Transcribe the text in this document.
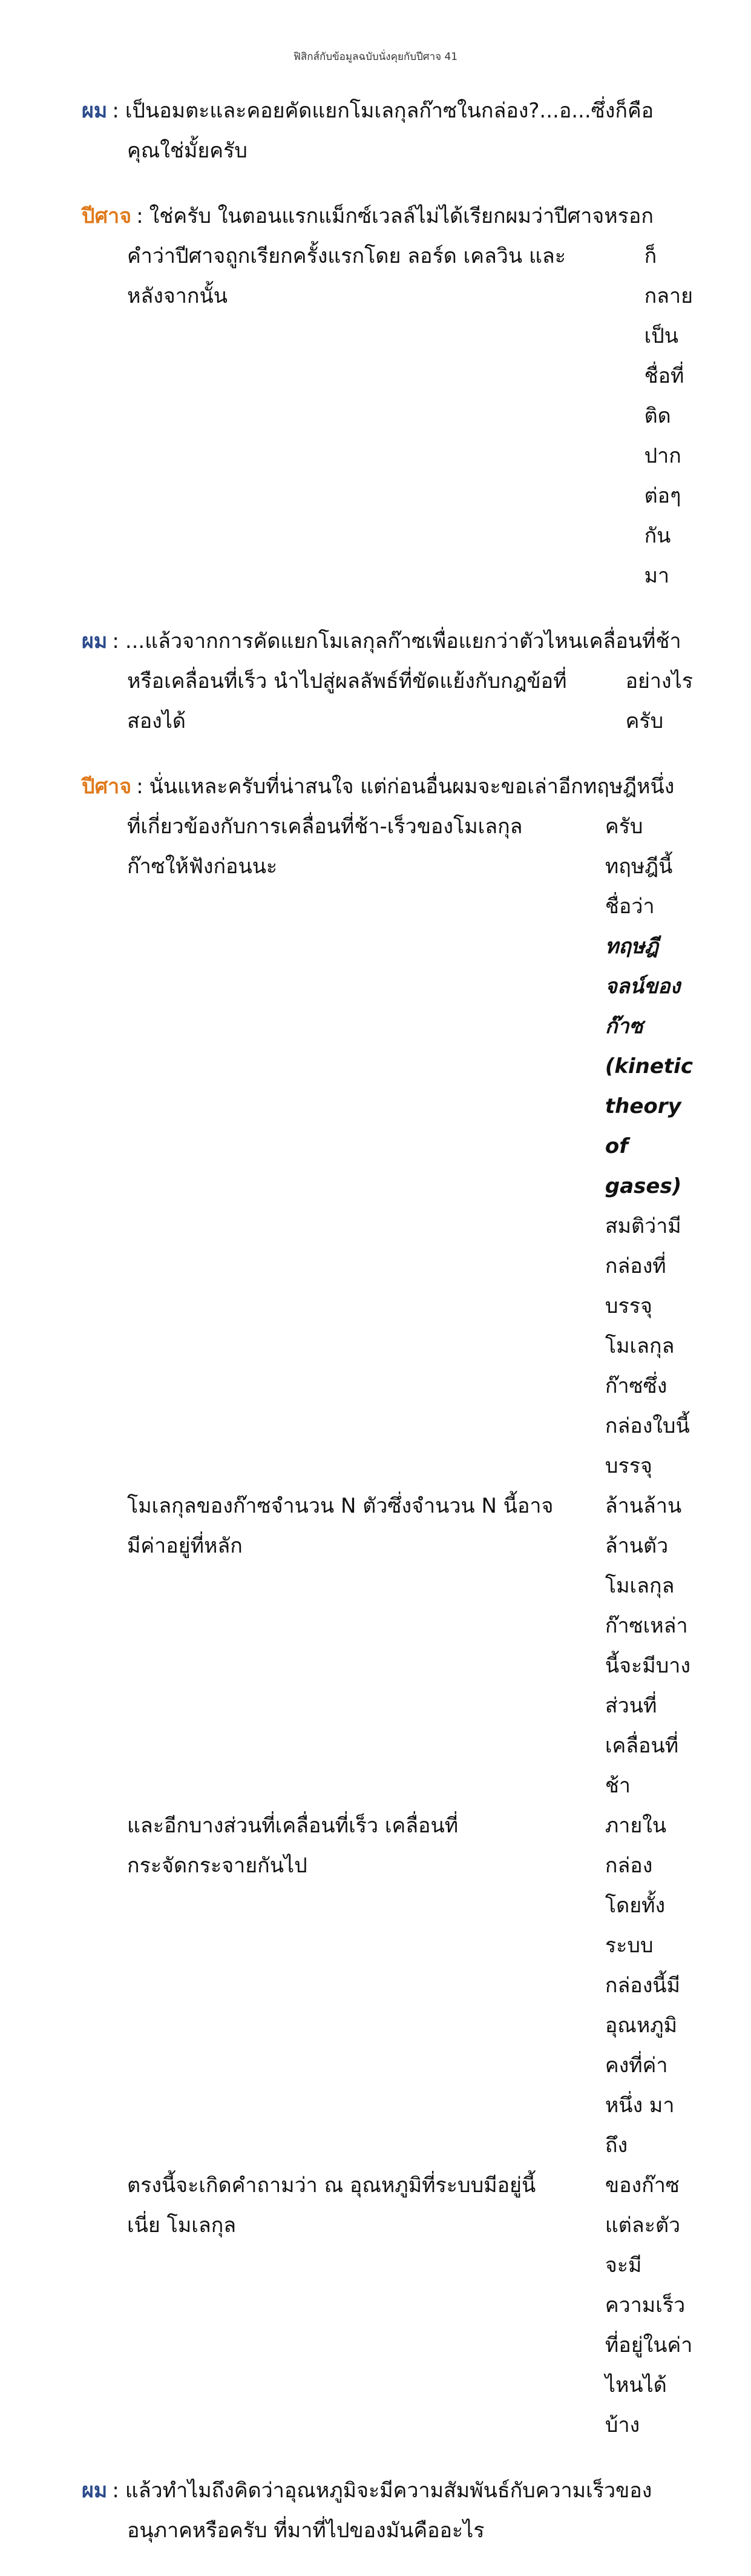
ฟิสิกส์กับข้อมูลฉบับนั่งคุยกับปีศาจ 41
ผม : เป็นอมตะและคอยคัดแยกโมเลกุลก๊าซในกล่อง?...อ...ซึ่งก็คือ
คุณใช่มั้ยครับ
ปีศาจ : ใช่ครับ ในตอนแรกแม็กซ์เวลล์ไม่ได้เรียกผมว่าปีศาจหรอก
คำว่าปีศาจถูกเรียกครั้งแรกโดย ลอร์ด เคลวิน และหลังจากนั้น
ก็กลายเป็นชื่อที่ติดปากต่อๆกันมา
ผม : ...แล้วจากการคัดแยกโมเลกุลก๊าซเพื่อแยกว่าตัวไหนเคลื่อนที่ช้า
หรือเคลื่อนที่เร็ว นำไปสู่ผลลัพธ์ที่ขัดแย้งกับกฎข้อที่สองได้
อย่างไรครับ
ปีศาจ : นั่นแหละครับที่น่าสนใจ แต่ก่อนอื่นผมจะขอเล่าอีกทฤษฎีหนึ่ง
ที่เกี่ยวข้องกับการเคลื่อนที่ช้า-เร็วของโมเลกุลก๊าซให้ฟังก่อนนะ
ครับ ทฤษฎีนี้ชื่อว่า ทฤษฎีจลน์ของก๊าซ (kinetic theory of gases) สมติว่ามีกล่องที่บรรจุโมเลกุลก๊าซซึ่งกล่องใบนี้บรรจุ
โมเลกุลของก๊าซจำนวน N ตัวซึ่งจำนวน N นี้อาจมีค่าอยู่ที่หลัก
ล้านล้านล้านตัว โมเลกุลก๊าซเหล่านี้จะมีบางส่วนที่เคลื่อนที่ช้า
และอีกบางส่วนที่เคลื่อนที่เร็ว เคลื่อนที่กระจัดกระจายกันไป
ภายในกล่อง โดยทั้งระบบกล่องนี้มีอุณหภูมิคงที่ค่าหนึ่ง มาถึง
ตรงนี้จะเกิดคำถามว่า ณ อุณหภูมิที่ระบบมีอยู่นี้เนี่ย โมเลกุล
ของก๊าซแต่ละตัวจะมีความเร็วที่อยู่ในค่าไหนได้บ้าง
ผม : แล้วทำไมถึงคิดว่าอุณหภูมิจะมีความสัมพันธ์กับความเร็วของ
อนุภาคหรือครับ ที่มาที่ไปของมันคืออะไร
